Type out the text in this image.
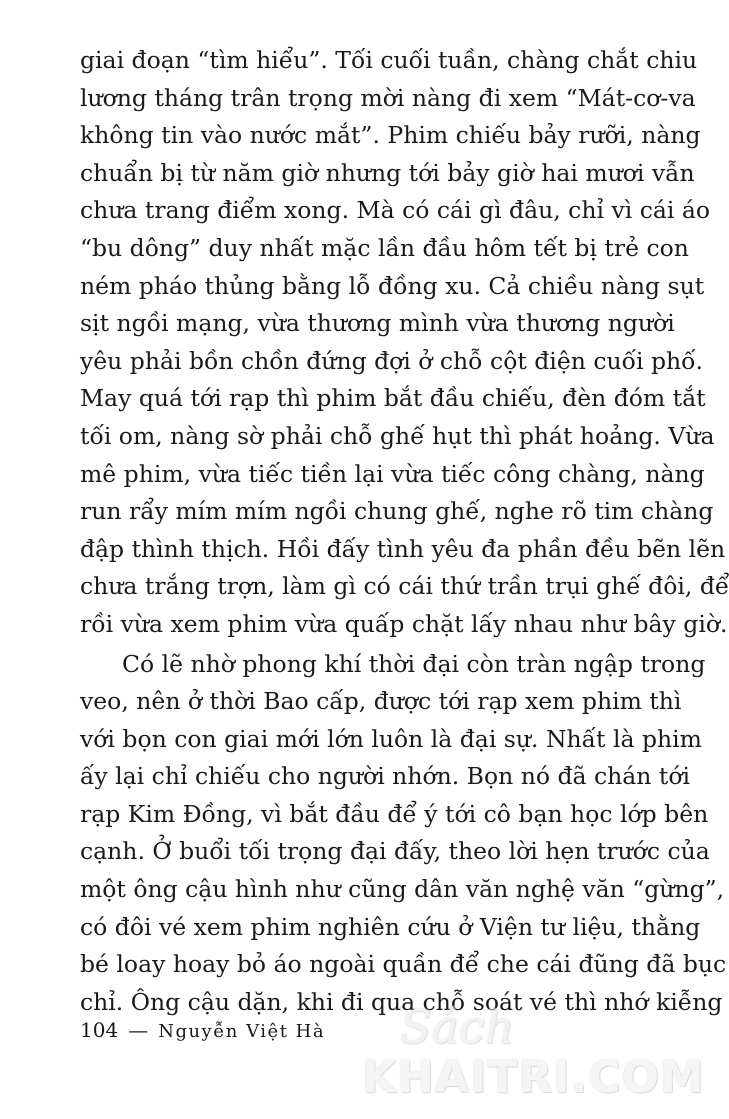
giai đoạn “tìm hiểu”. Tối cuối tuần, chàng chắt chiu
lương tháng trân trọng mời nàng đi xem “Mát-cơ-va
không tin vào nước mắt”. Phim chiếu bảy rưỡi, nàng
chuẩn bị từ năm giờ nhưng tới bảy giờ hai mươi vẫn
chưa trang điểm xong. Mà có cái gì đâu, chỉ vì cái áo
“bu dông” duy nhất mặc lần đầu hôm tết bị trẻ con
ném pháo thủng bằng lỗ đồng xu. Cả chiều nàng sụt
sịt ngồi mạng, vừa thương mình vừa thương người
yêu phải bồn chồn đứng đợi ở chỗ cột điện cuối phố.
May quá tới rạp thì phim bắt đầu chiếu, đèn đóm tắt
tối om, nàng sờ phải chỗ ghế hụt thì phát hoảng. Vừa
mê phim, vừa tiếc tiền lại vừa tiếc công chàng, nàng
run rẩy mím mím ngồi chung ghế, nghe rõ tim chàng
đập thình thịch. Hồi đấy tình yêu đa phần đều bẽn lẽn
chưa trắng trợn, làm gì có cái thứ trần trụi ghế đôi, để
rồi vừa xem phim vừa quấp chặt lấy nhau như bây giờ.
Có lẽ nhờ phong khí thời đại còn tràn ngập trong
veo, nên ở thời Bao cấp, được tới rạp xem phim thì
với bọn con giai mới lớn luôn là đại sự. Nhất là phim
ấy lại chỉ chiếu cho người nhớn. Bọn nó đã chán tới
rạp Kim Đồng, vì bắt đầu để ý tới cô bạn học lớp bên
cạnh. Ở buổi tối trọng đại đấy, theo lời hẹn trước của
một ông cậu hình như cũng dân văn nghệ văn “gừng”,
có đôi vé xem phim nghiên cứu ở Viện tư liệu, thằng
bé loay hoay bỏ áo ngoài quần để che cái đũng đã bục
chỉ. Ông cậu dặn, khi đi qua chỗ soát vé thì nhớ kiễng
104 — Nguyễn Việt Hà Sách
KHAITRI.COM
